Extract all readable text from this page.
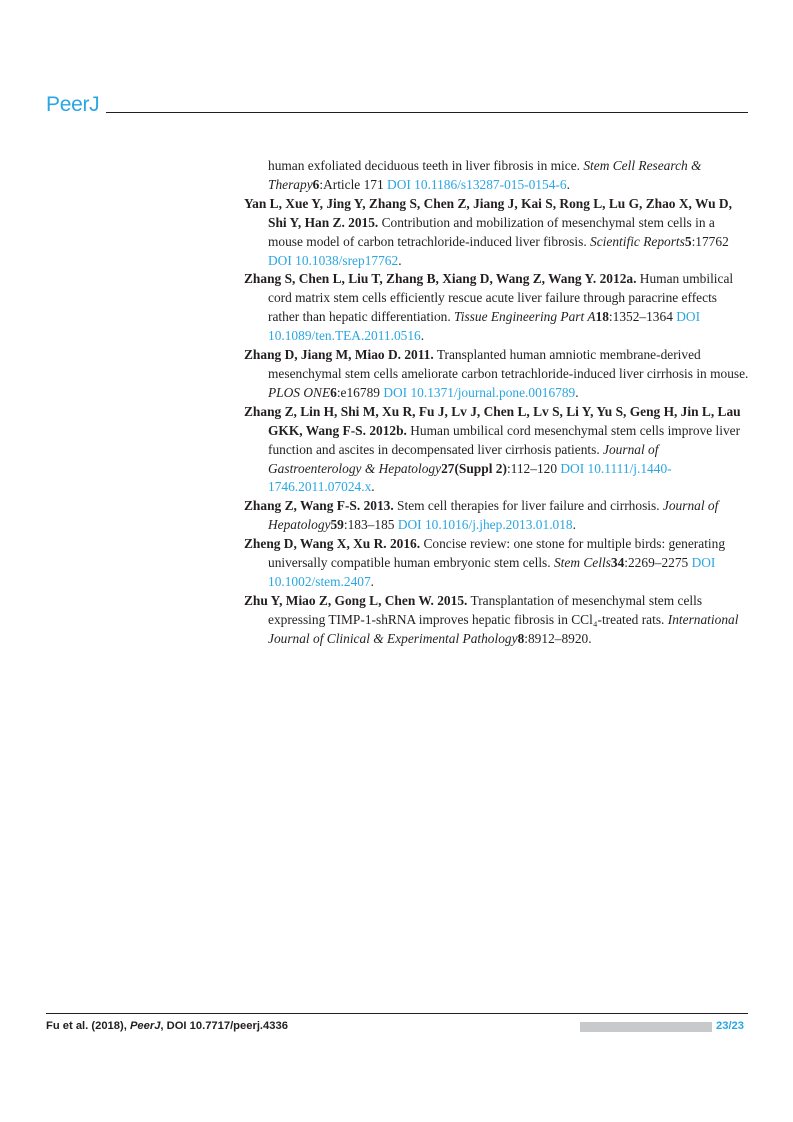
PeerJ

human exfoliated deciduous teeth in liver fibrosis in mice. Stem Cell Research & Therapy6:Article 171 DOI 10.1186/s13287-015-0154-6.

Yan L, Xue Y, Jing Y, Zhang S, Chen Z, Jiang J, Kai S, Rong L, Lu G, Zhao X, Wu D, Shi Y, Han Z. 2015. Contribution and mobilization of mesenchymal stem cells in a mouse model of carbon tetrachloride-induced liver fibrosis. Scientific Reports5:17762 DOI 10.1038/srep17762.

Zhang S, Chen L, Liu T, Zhang B, Xiang D, Wang Z, Wang Y. 2012a. Human umbilical cord matrix stem cells efficiently rescue acute liver failure through paracrine effects rather than hepatic differentiation. Tissue Engineering Part A18:1352–1364 DOI 10.1089/ten.TEA.2011.0516.

Zhang D, Jiang M, Miao D. 2011. Transplanted human amniotic membrane-derived mesenchymal stem cells ameliorate carbon tetrachloride-induced liver cirrhosis in mouse. PLOS ONE6:e16789 DOI 10.1371/journal.pone.0016789.

Zhang Z, Lin H, Shi M, Xu R, Fu J, Lv J, Chen L, Lv S, Li Y, Yu S, Geng H, Jin L, Lau GKK, Wang F-S. 2012b. Human umbilical cord mesenchymal stem cells improve liver function and ascites in decompensated liver cirrhosis patients. Journal of Gastroenterology & Hepatology27(Suppl 2):112–120 DOI 10.1111/j.1440-1746.2011.07024.x.

Zhang Z, Wang F-S. 2013. Stem cell therapies for liver failure and cirrhosis. Journal of Hepatology59:183–185 DOI 10.1016/j.jhep.2013.01.018.

Zheng D, Wang X, Xu R. 2016. Concise review: one stone for multiple birds: generating universally compatible human embryonic stem cells. Stem Cells34:2269–2275 DOI 10.1002/stem.2407.

Zhu Y, Miao Z, Gong L, Chen W. 2015. Transplantation of mesenchymal stem cells expressing TIMP-1-shRNA improves hepatic fibrosis in CCl₄-treated rats. International Journal of Clinical & Experimental Pathology8:8912–8920.

Fu et al. (2018), PeerJ, DOI 10.7717/peerj.4336	23/23
